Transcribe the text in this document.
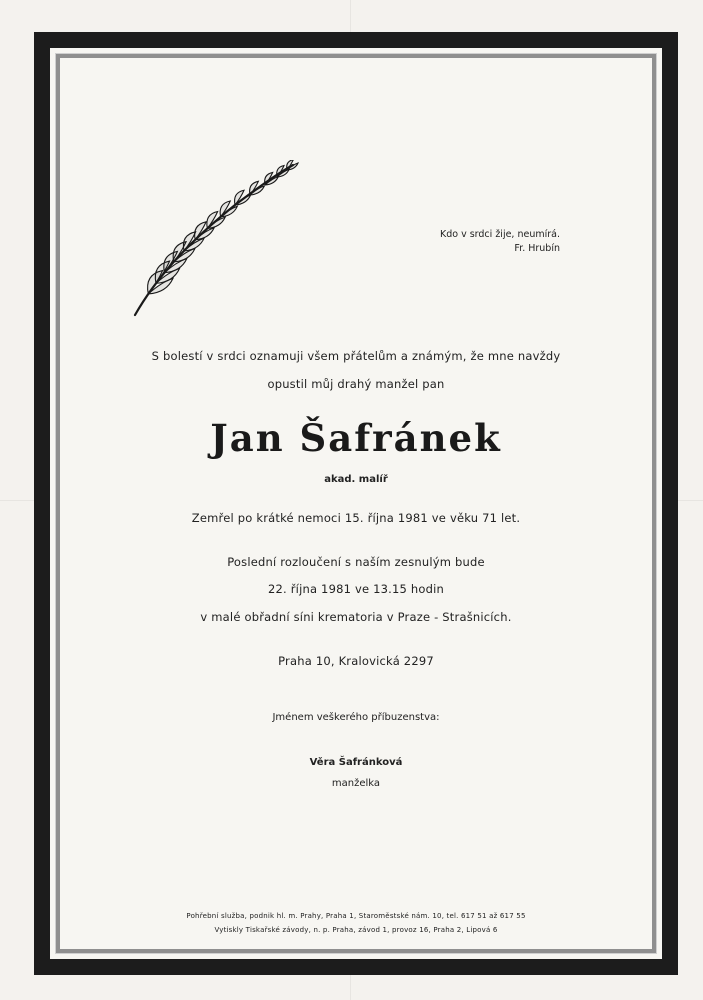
Kdo v srdci žije, neumírá.

Fr. Hrubín

S bolestí v srdci oznamuji všem přátelům a známým, že mne navždy

opustil můj drahý manžel pan

Jan Šafránek

akad. malíř

Zemřel po krátké nemoci 15. října 1981 ve věku 71 let.

Poslední rozloučení s naším zesnulým bude

22. října 1981 ve 13.15 hodin

v malé obřadní síni krematoria v Praze - Strašnicích.

Praha 10, Kralovická 2297

Jménem veškerého příbuzenstva:

Věra Šafránková

manželka

Pohřební služba, podnik hl. m. Prahy, Praha 1, Staroměstské nám. 10, tel. 617 51 až 617 55

Vytiskly Tiskařské závody, n. p. Praha, závod 1, provoz 16, Praha 2, Lipová 6
